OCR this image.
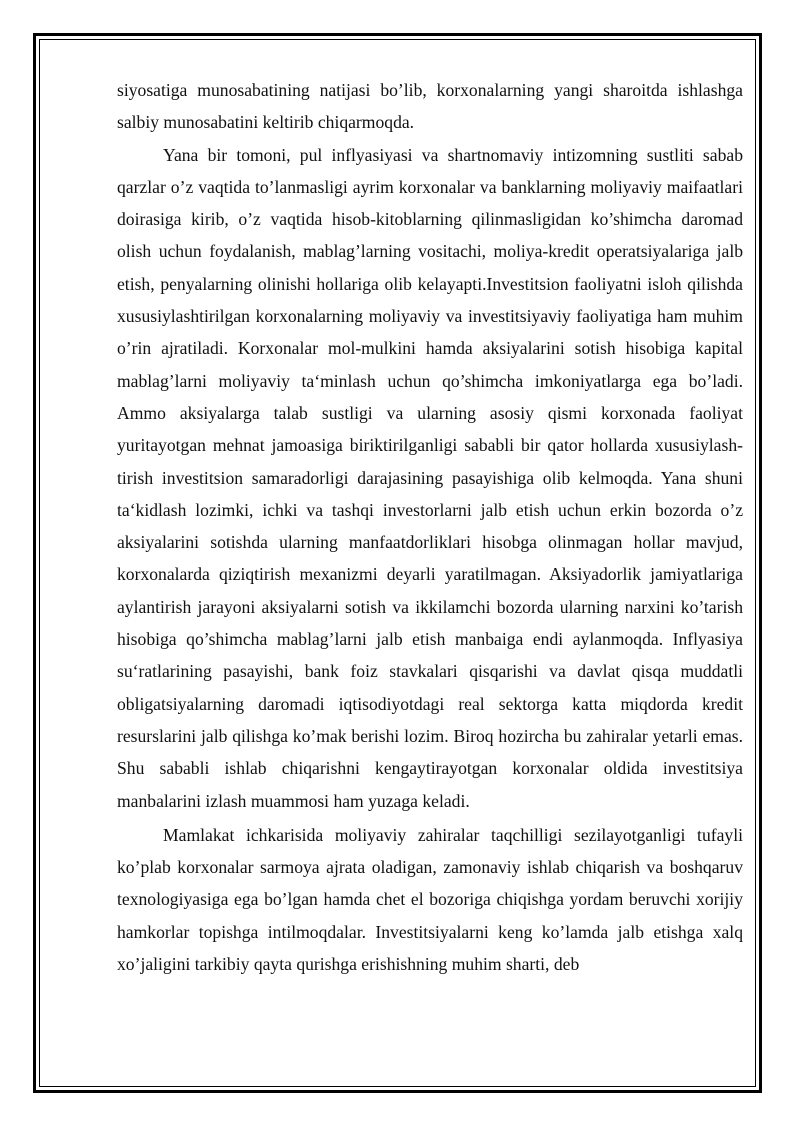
siyosatiga munosabatining natijasi bo’lib, korxonalarning yangi sharoitda ishlashga salbiy munosabatini keltirib chiqarmoqda.

Yana bir tomoni, pul inflyasiyasi va shartnomaviy intizomning sustliti sabab qarzlar o’z vaqtida to’lanmasligi ayrim korxonalar va banklarning moliyaviy maifaatlari doirasiga kirib, o’z vaqtida hisob-kitoblarning qilinmasligidan ko’shimcha daromad olish uchun foydalanish, mablag’larning vositachi, moliya-kredit operatsiyalariga jalb etish, penyalarning olinishi hollariga olib kelayapti.Investitsion faoliyatni isloh qilishda xususiylashtirilgan korxonalarning moliyaviy va investitsiyaviy faoliyatiga ham muhim o’rin ajratiladi. Korxonalar mol-mulkini hamda aksiyalarini sotish hisobiga kapital mablag’larni moliyaviy ta‘minlash uchun qo’shimcha imkoniyatlarga ega bo’ladi. Ammo aksiyalarga talab sustligi va ularning asosiy qismi korxonada faoliyat yuritayotgan mehnat jamoasiga biriktirilganligi sababli bir qator hollarda xususiylash-tirish investitsion samaradorligi darajasining pasayishiga olib kelmoqda. Yana shuni ta‘kidlash lozimki, ichki va tashqi investorlarni jalb etish uchun erkin bozorda o’z aksiyalarini sotishda ularning manfaatdorliklari hisobga olinmagan hollar mavjud, korxonalarda qiziqtirish mexanizmi deyarli yaratilmagan. Aksiyadorlik jamiyatlariga aylantirish jarayoni aksiyalarni sotish va ikkilamchi bozorda ularning narxini ko’tarish hisobiga qo’shimcha mablag’larni jalb etish manbaiga endi aylanmoqda. Inflyasiya su‘ratlarining pasayishi, bank foiz stavkalari qisqarishi va davlat qisqa muddatli obligatsiyalarning daromadi iqtisodiyotdagi real sektorga katta miqdorda kredit resurslarini jalb qilishga ko’mak berishi lozim. Biroq hozircha bu zahiralar yetarli emas. Shu sababli ishlab chiqarishni kengaytirayotgan korxonalar oldida investitsiya manbalarini izlash muammosi ham yuzaga keladi.

Mamlakat ichkarisida moliyaviy zahiralar taqchilligi sezilayotganligi tufayli ko’plab korxonalar sarmoya ajrata oladigan, zamonaviy ishlab chiqarish va boshqaruv texnologiyasiga ega bo’lgan hamda chet el bozoriga chiqishga yordam beruvchi xorijiy hamkorlar topishga intilmoqdalar. Investitsiyalarni keng ko’lamda jalb etishga xalq xo’jaligini tarkibiy qayta qurishga erishishning muhim sharti, deb
